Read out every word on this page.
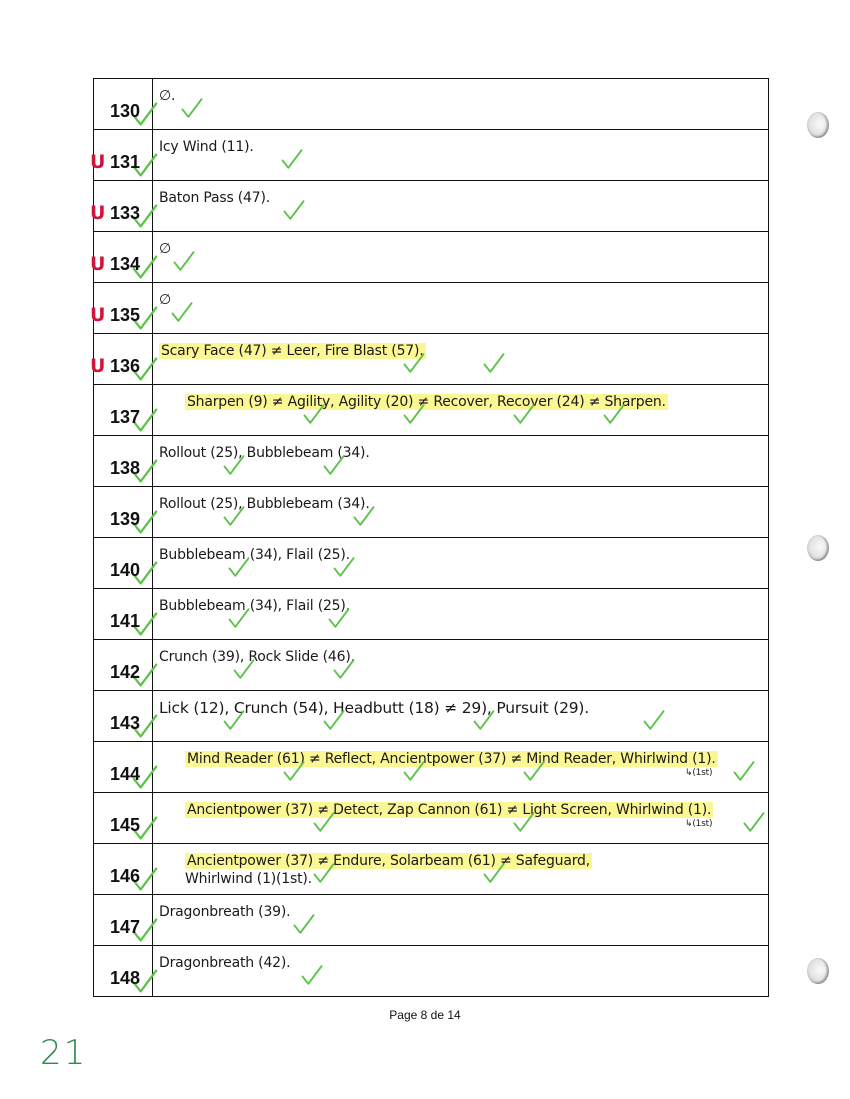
130	∅.

U 131	Icy Wind (11).

U 133	Baton Pass (47).

U 134	∅

U 135	∅

U 136	Scary Face (47) ≠ Leer, Fire Blast (57).

137	Sharpen (9) ≠ Agility, Agility (20) ≠ Recover, Recover (24) ≠ Sharpen.

138	Rollout (25), Bubblebeam (34).

139	Rollout (25), Bubblebeam (34).

140	Bubblebeam (34), Flail (25).

141	Bubblebeam (34), Flail (25).

142	Crunch (39), Rock Slide (46).

143	Lick (12), Crunch (54), Headbutt (18) ≠ 29), Pursuit (29).

144	Mind Reader (61) ≠ Reflect, Ancientpower (37) ≠ Mind Reader, Whirlwind (1).
↳(1st)

145	Ancientpower (37) ≠ Detect, Zap Cannon (61) ≠ Light Screen, Whirlwind (1).
↳(1st)

146	Ancientpower (37) ≠ Endure, Solarbeam (61) ≠ Safeguard,
Whirlwind (1)(1st).

147	Dragonbreath (39).

148	Dragonbreath (42).
Page 8 de 14
21
